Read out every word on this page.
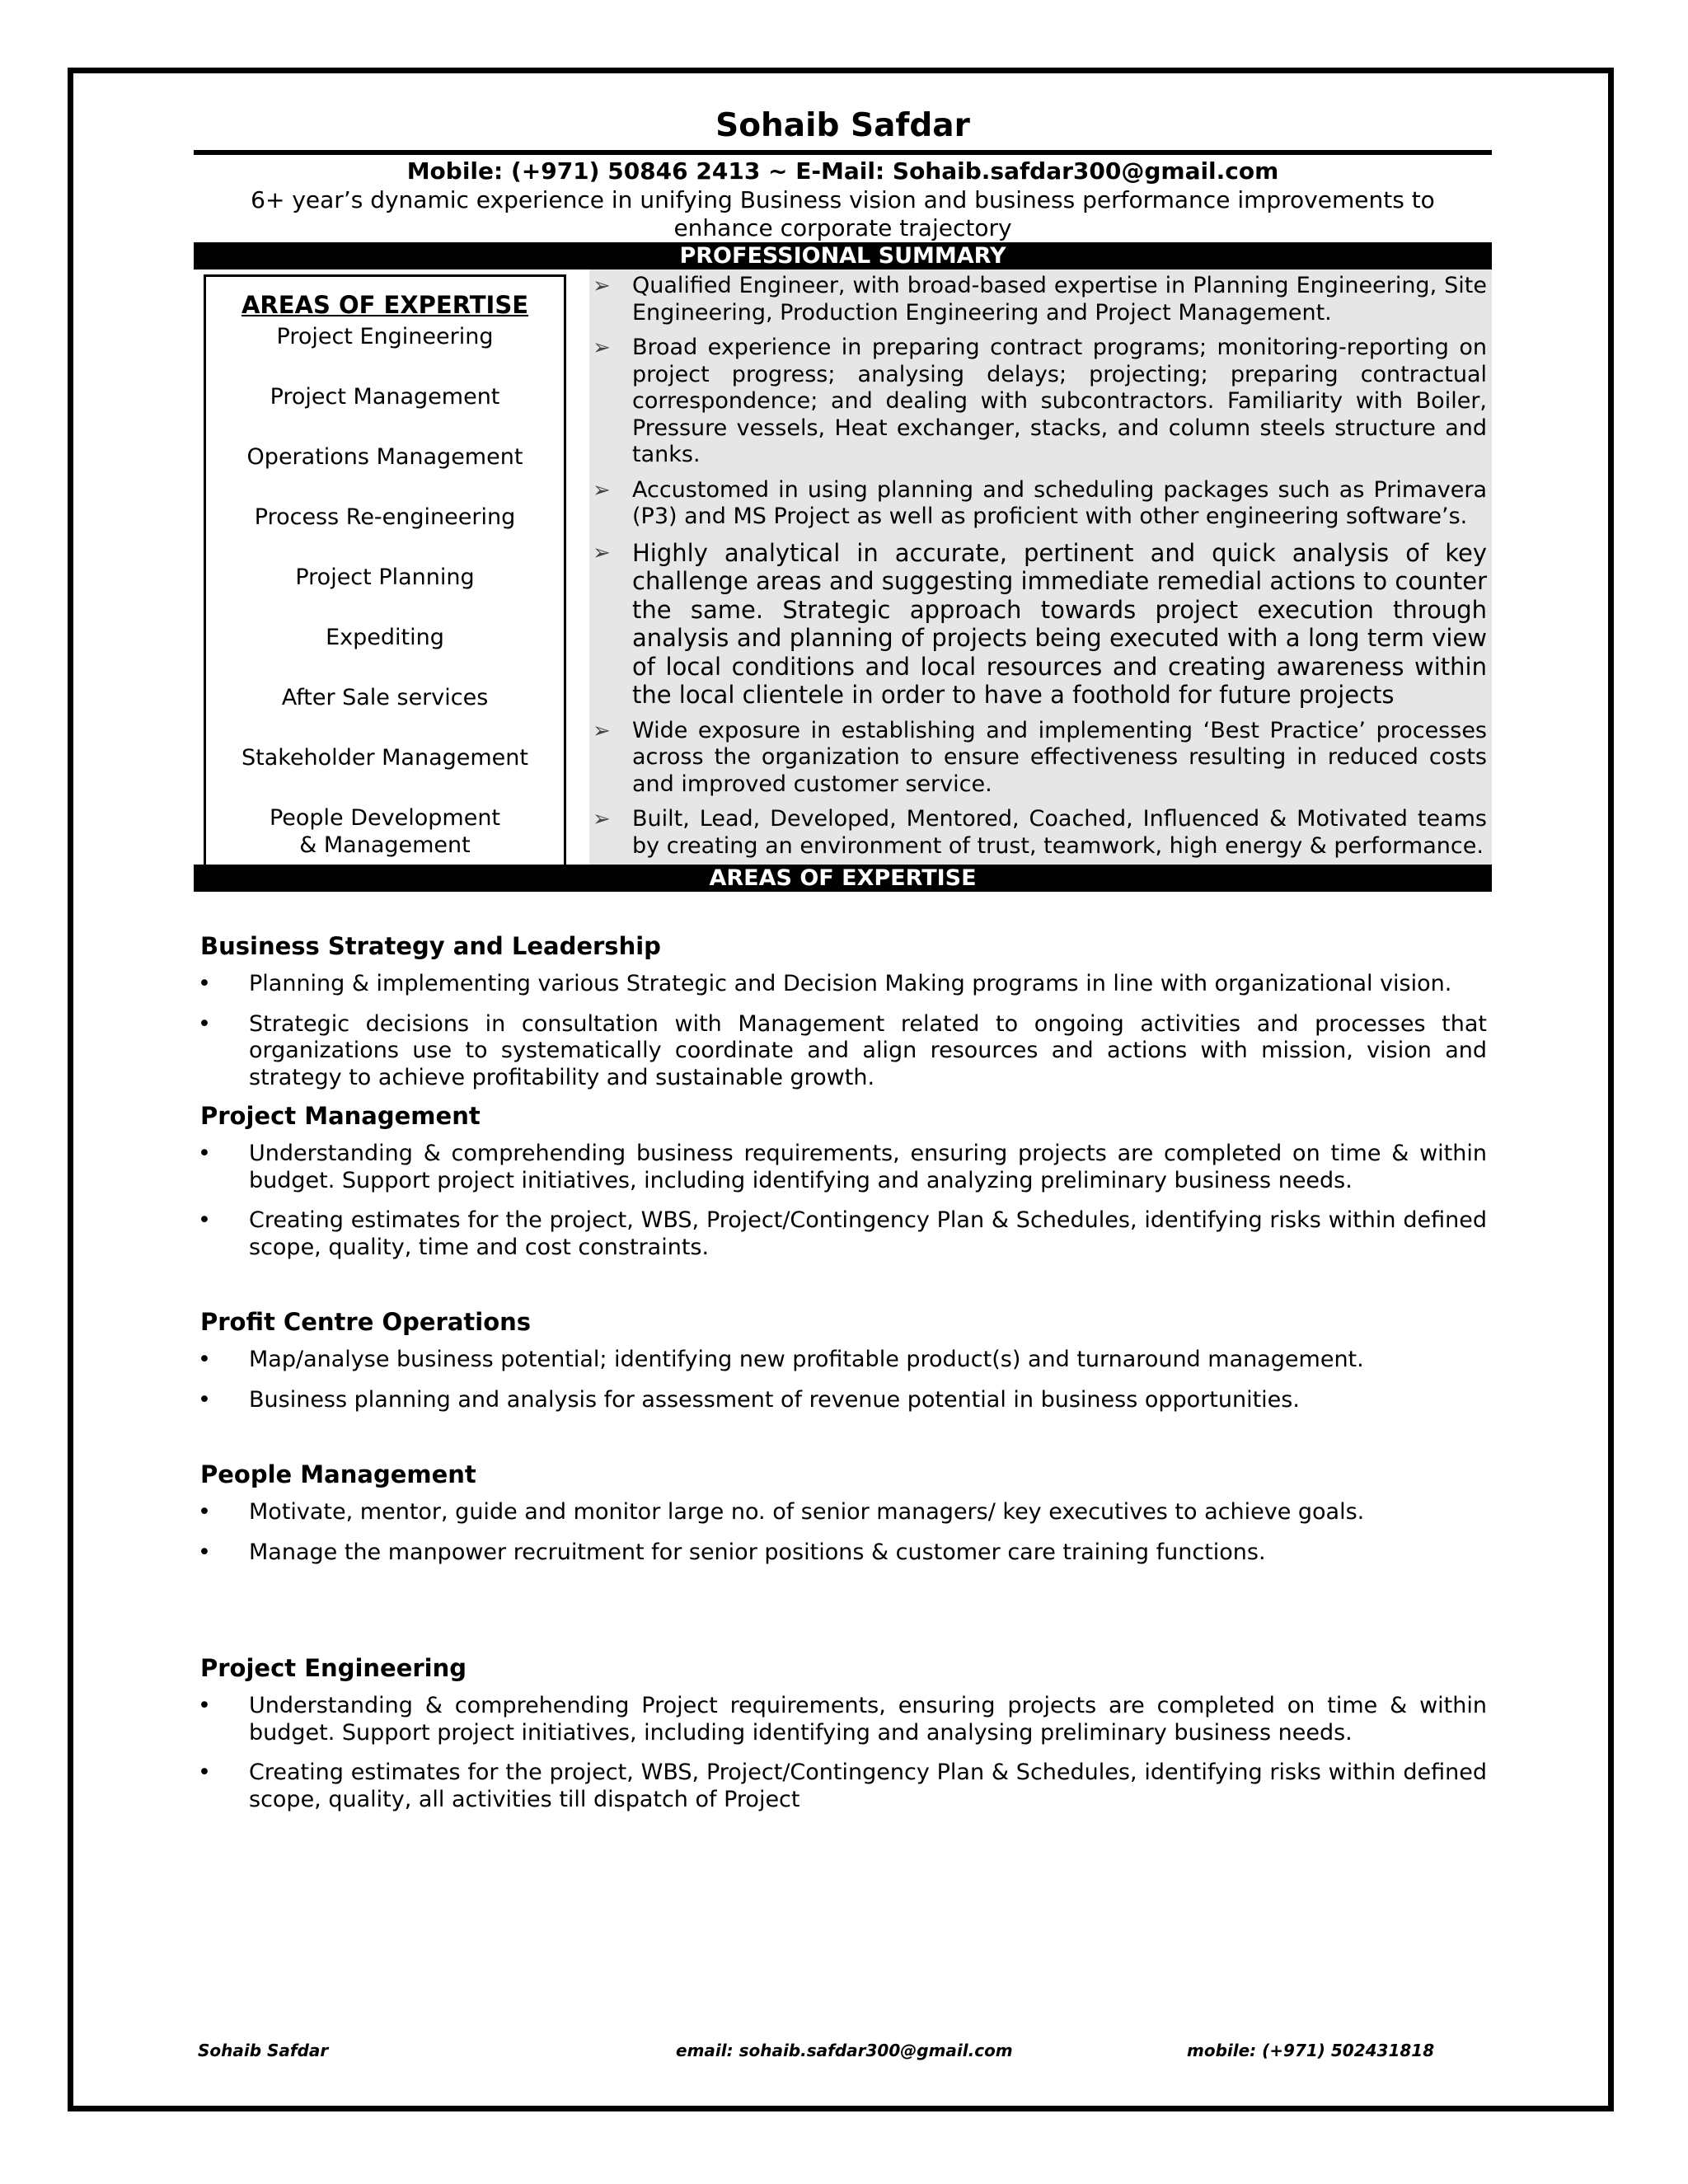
Sohaib Safdar
Mobile: (+971) 50846 2413 ~ E-Mail: Sohaib.safdar300@gmail.com
6+ year’s dynamic experience in unifying Business vision and business performance improvements to
enhance corporate trajectory
PROFESSIONAL SUMMARY
AREAS OF EXPERTISE
Project Engineering
Project Management
Operations Management
Process Re-engineering
Project Planning
Expediting
After Sale services
Stakeholder Management
People Development & Management
➢ Qualified Engineer, with broad-based expertise in Planning Engineering, Site Engineering, Production Engineering and Project Management.
➢ Broad experience in preparing contract programs; monitoring-reporting on project progress; analysing delays; projecting; preparing contractual correspondence; and dealing with subcontractors. Familiarity with Boiler, Pressure vessels, Heat exchanger, stacks, and column steels structure and tanks.
➢ Accustomed in using planning and scheduling packages such as Primavera (P3) and MS Project as well as proficient with other engineering software’s.
➢ Highly analytical in accurate, pertinent and quick analysis of key challenge areas and suggesting immediate remedial actions to counter the same. Strategic approach towards project execution through analysis and planning of projects being executed with a long term view of local conditions and local resources and creating awareness within the local clientele in order to have a foothold for future projects
➢ Wide exposure in establishing and implementing ‘Best Practice’ processes across the organization to ensure effectiveness resulting in reduced costs and improved customer service.
➢ Built, Lead, Developed, Mentored, Coached, Influenced & Motivated teams by creating an environment of trust, teamwork, high energy & performance.
AREAS OF EXPERTISE
Business Strategy and Leadership
• Planning & implementing various Strategic and Decision Making programs in line with organizational vision.
• Strategic decisions in consultation with Management related to ongoing activities and processes that organizations use to systematically coordinate and align resources and actions with mission, vision and strategy to achieve profitability and sustainable growth.
Project Management
• Understanding & comprehending business requirements, ensuring projects are completed on time & within budget. Support project initiatives, including identifying and analyzing preliminary business needs.
• Creating estimates for the project, WBS, Project/Contingency Plan & Schedules, identifying risks within defined scope, quality, time and cost constraints.
Profit Centre Operations
• Map/analyse business potential; identifying new profitable product(s) and turnaround management.
• Business planning and analysis for assessment of revenue potential in business opportunities.
People Management
• Motivate, mentor, guide and monitor large no. of senior managers/ key executives to achieve goals.
• Manage the manpower recruitment for senior positions & customer care training functions.
Project Engineering
• Understanding & comprehending Project requirements, ensuring projects are completed on time & within budget. Support project initiatives, including identifying and analysing preliminary business needs.
• Creating estimates for the project, WBS, Project/Contingency Plan & Schedules, identifying risks within defined scope, quality, all activities till dispatch of Project
Sohaib Safdar	email: sohaib.safdar300@gmail.com	mobile: (+971) 502431818
